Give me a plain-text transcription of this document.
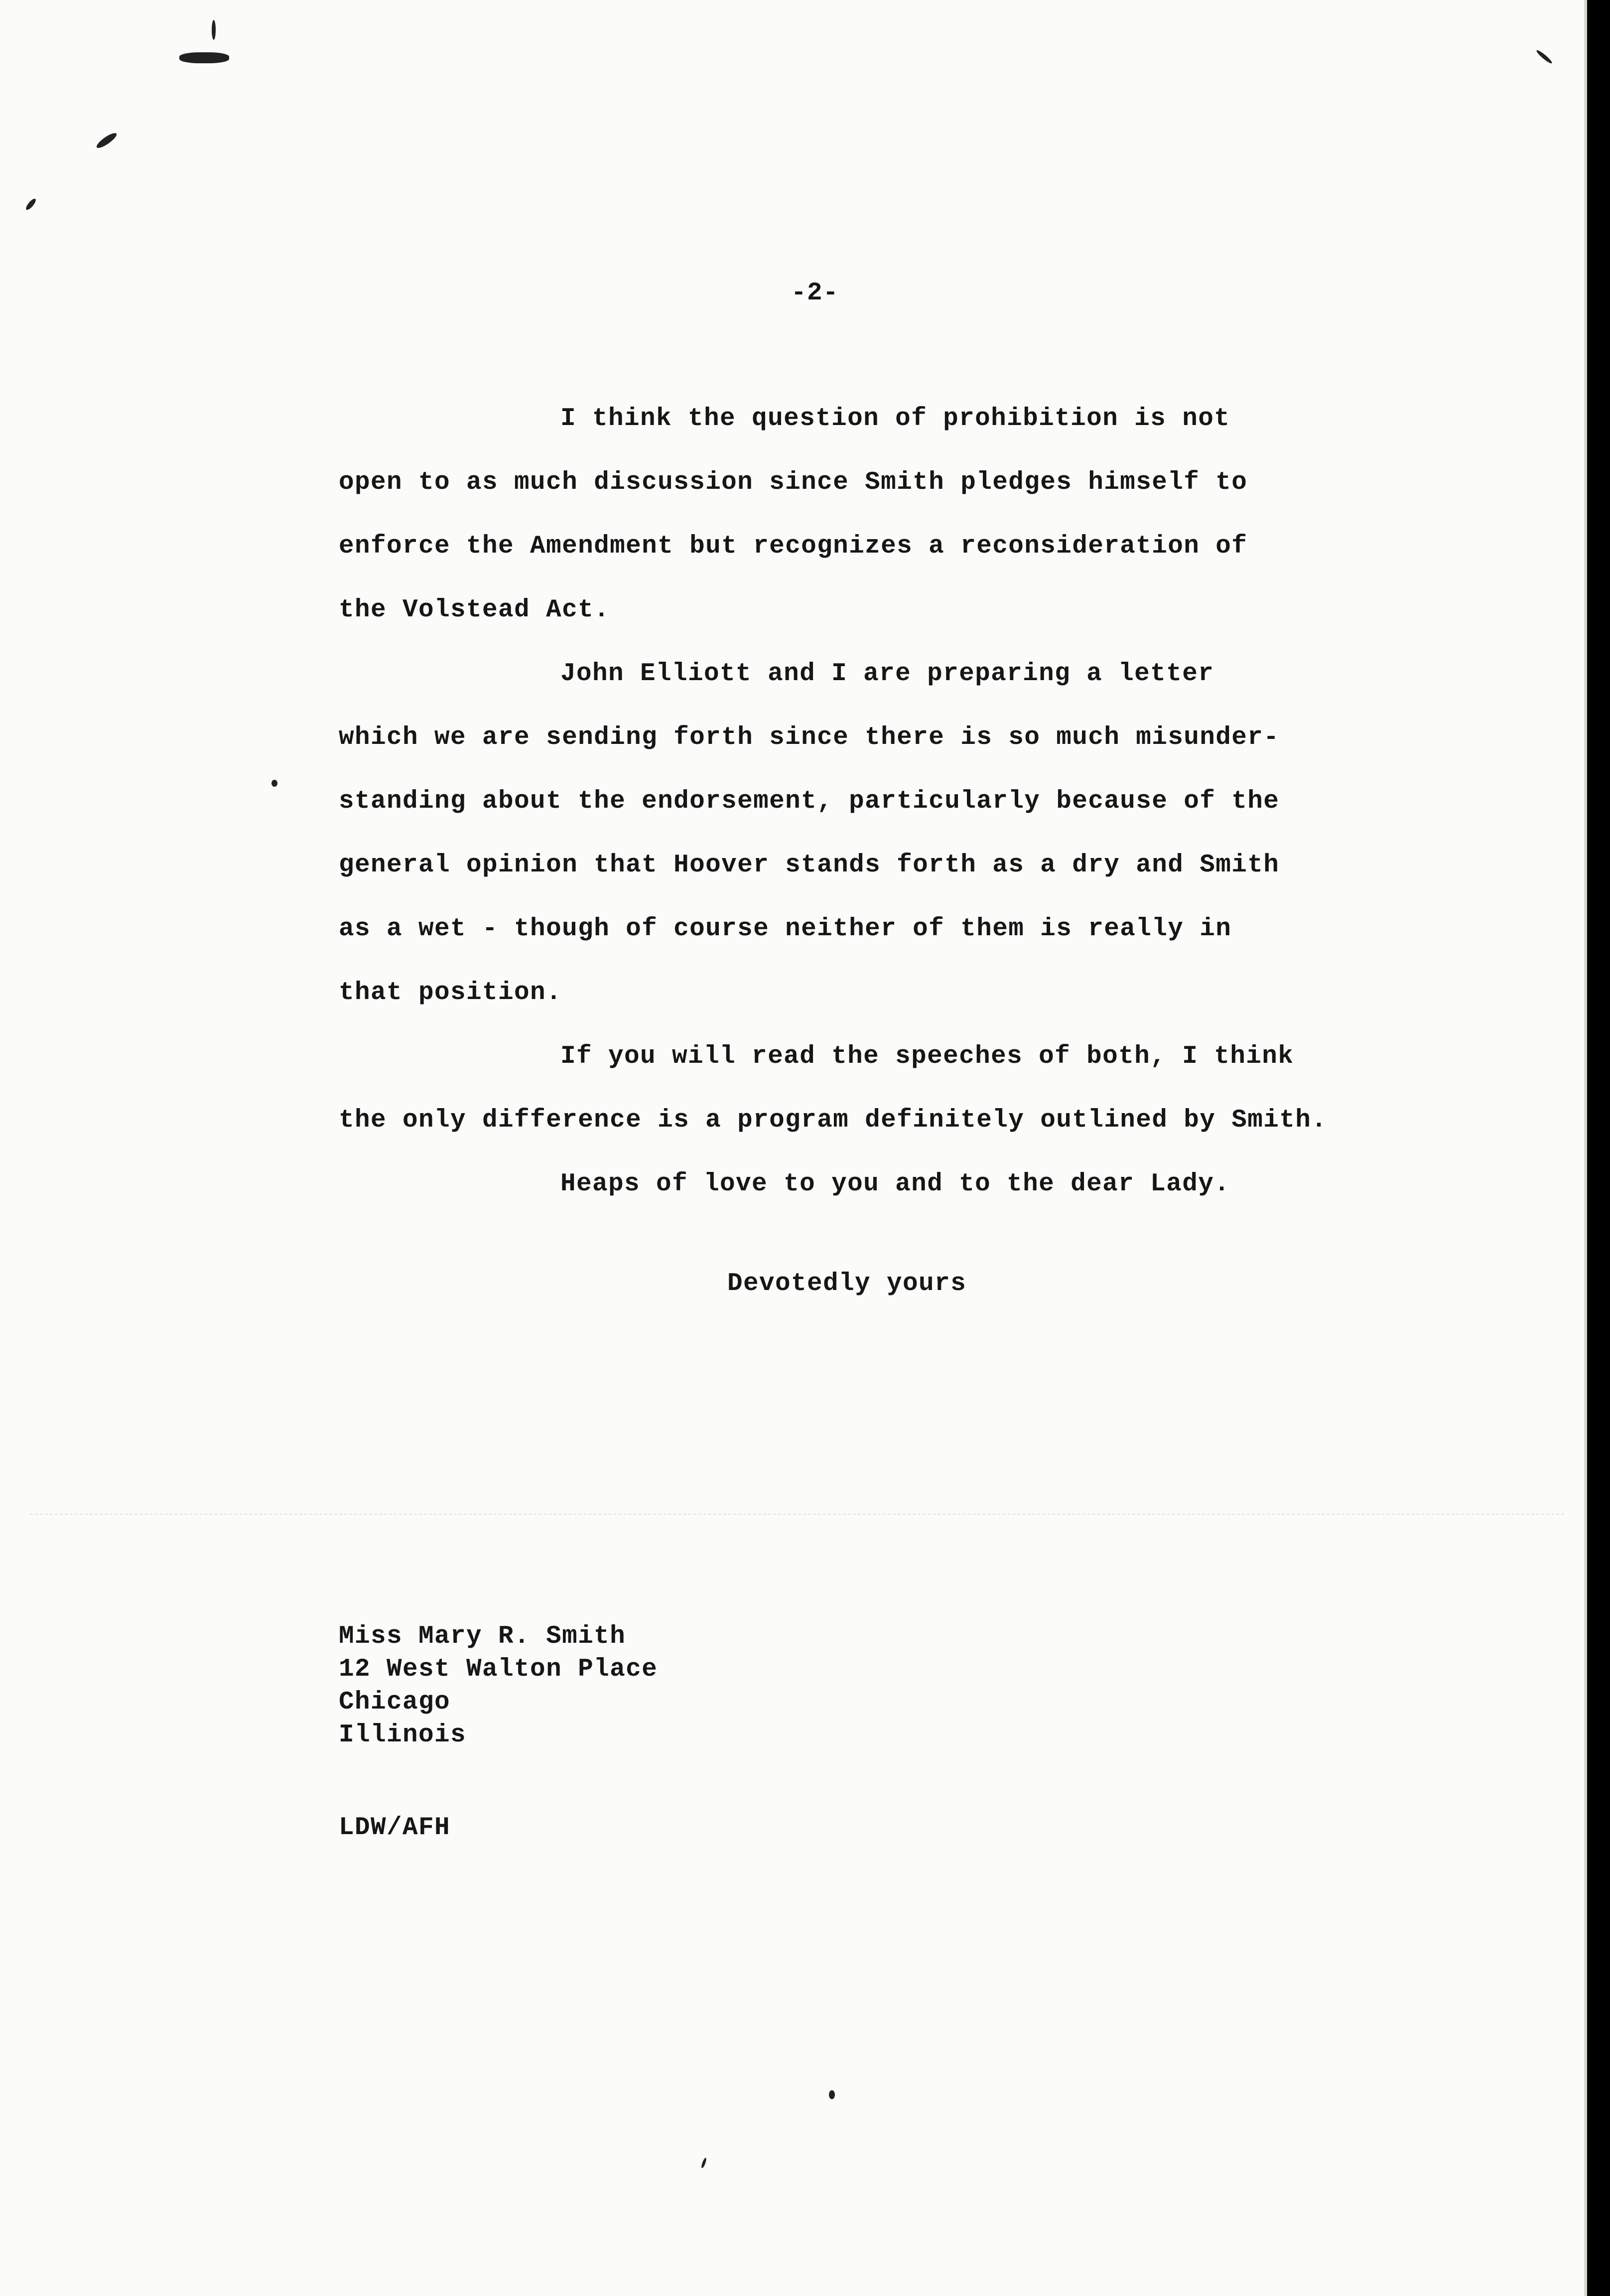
-2-

I think the question of prohibition is not

open to as much discussion since Smith pledges himself to

enforce the Amendment but recognizes a reconsideration of

the Volstead Act.

John Elliott and I are preparing a letter

which we are sending forth since there is so much misunder-

standing about the endorsement, particularly because of the

general opinion that Hoover stands forth as a dry and Smith

as a wet - though of course neither of them is really in

that position.

If you will read the speeches of both, I think

the only difference is a program definitely outlined by Smith.

Heaps of love to you and to the dear Lady.

Devotedly yours

Miss Mary R. Smith

12 West Walton Place

Chicago

Illinois

LDW/AFH
